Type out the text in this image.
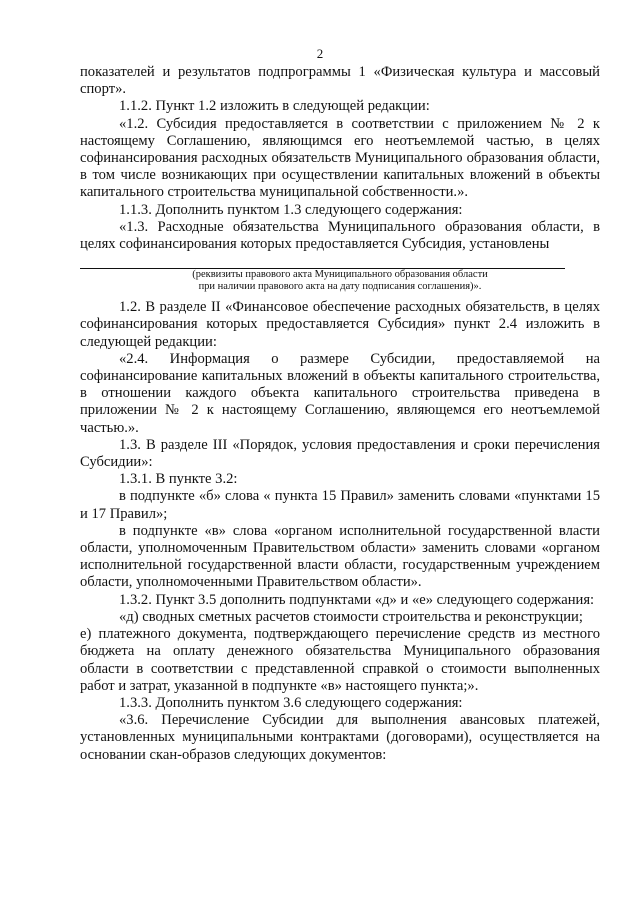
2

показателей и результатов подпрограммы 1 «Физическая культура и массовый спорт».

1.1.2. Пункт 1.2 изложить в следующей редакции:

«1.2. Субсидия предоставляется в соответствии с приложением № 2 к настоящему Соглашению, являющимся его неотъемлемой частью, в целях софинансирования расходных обязательств Муниципального образования области, в том числе возникающих при осуществлении капитальных вложений в объекты капитального строительства муниципальной собственности.».

1.1.3. Дополнить пунктом 1.3 следующего содержания:

«1.3. Расходные обязательства Муниципального образования области, в целях софинансирования которых предоставляется Субсидия, установлены

(реквизиты правового акта Муниципального образования области
при наличии правового акта на дату подписания соглашения)».

1.2. В разделе II «Финансовое обеспечение расходных обязательств, в целях софинансирования которых предоставляется Субсидия» пункт 2.4 изложить в следующей редакции:

«2.4. Информация о размере Субсидии, предоставляемой на софинансирование капитальных вложений в объекты капитального строительства, в отношении каждого объекта капитального строительства приведена в приложении № 2 к настоящему Соглашению, являющемся его неотъемлемой частью.».

1.3. В разделе III «Порядок, условия предоставления и сроки перечисления Субсидии»:

1.3.1. В пункте 3.2:

в подпункте «б» слова « пункта 15 Правил» заменить словами «пунктами 15 и 17 Правил»;

в подпункте «в» слова «органом исполнительной государственной власти области, уполномоченным Правительством области» заменить словами «органом исполнительной государственной власти области, государственным учреждением области, уполномоченными Правительством области».

1.3.2. Пункт 3.5 дополнить подпунктами «д» и «е» следующего содержания:

«д) сводных сметных расчетов стоимости строительства и реконструкции;

е) платежного документа, подтверждающего перечисление средств из местного бюджета на оплату денежного обязательства Муниципального образования области в соответствии с представленной справкой о стоимости выполненных работ и затрат, указанной в подпункте «в» настоящего пункта;».

1.3.3. Дополнить пунктом 3.6 следующего содержания:

«3.6. Перечисление Субсидии для выполнения авансовых платежей, установленных муниципальными контрактами (договорами), осуществляется на основании скан-образов следующих документов:
